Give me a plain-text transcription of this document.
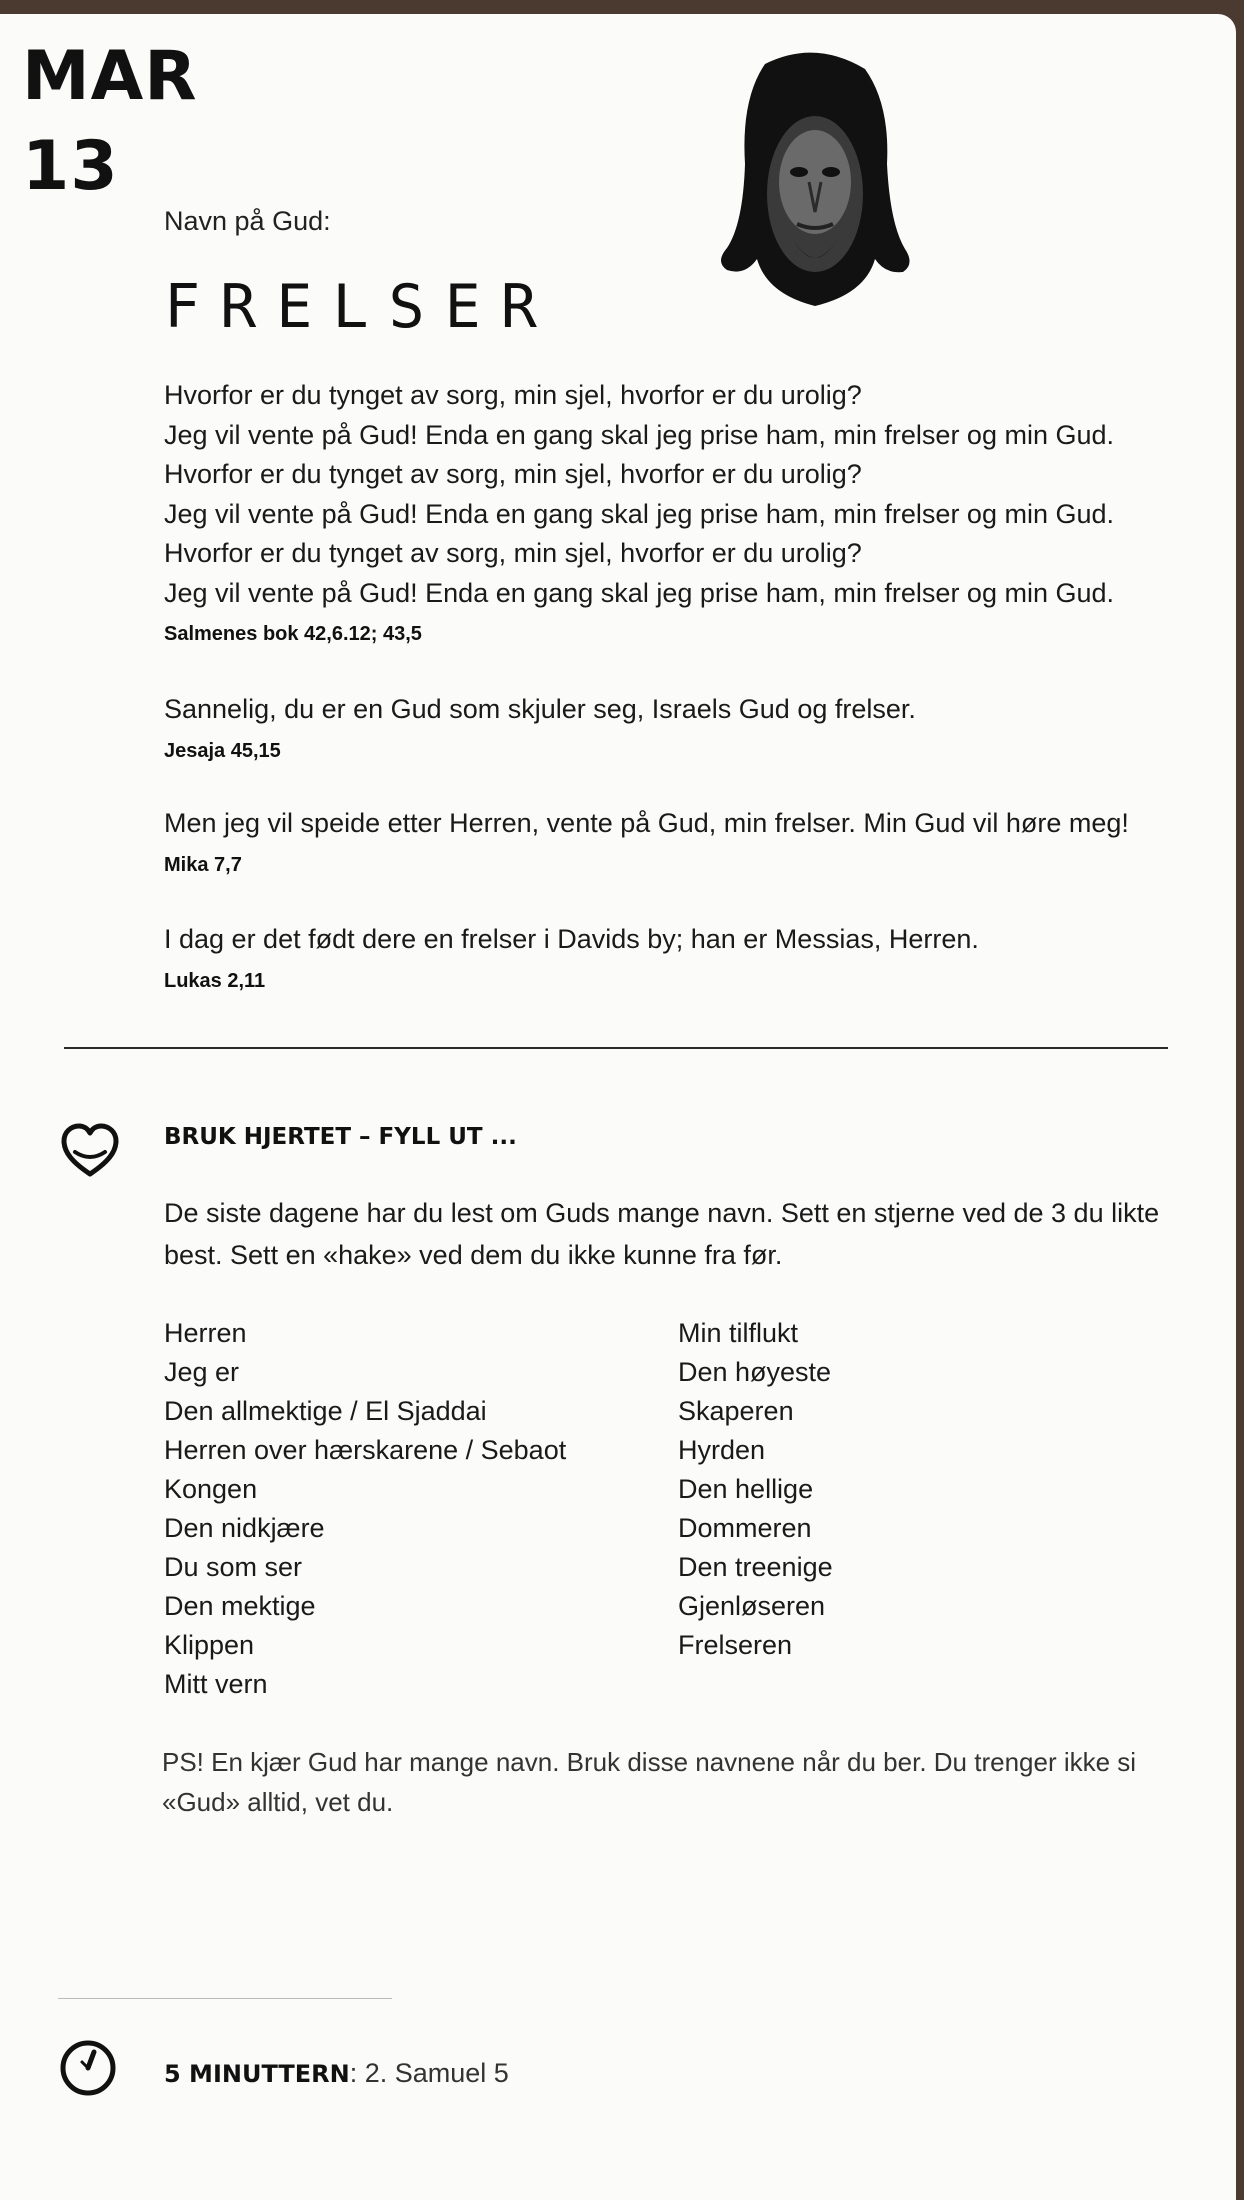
MAR
13
Navn på Gud:
FRELSER
Hvorfor er du tynget av sorg, min sjel, hvorfor er du urolig?
Jeg vil vente på Gud! Enda en gang skal jeg prise ham, min frelser og min Gud.
Hvorfor er du tynget av sorg, min sjel, hvorfor er du urolig?
Jeg vil vente på Gud! Enda en gang skal jeg prise ham, min frelser og min Gud.
Hvorfor er du tynget av sorg, min sjel, hvorfor er du urolig?
Jeg vil vente på Gud! Enda en gang skal jeg prise ham, min frelser og min Gud.
Salmenes bok 42,6.12; 43,5
Sannelig, du er en Gud som skjuler seg, Israels Gud og frelser.
Jesaja 45,15
Men jeg vil speide etter Herren, vente på Gud, min frelser. Min Gud vil høre meg!
Mika 7,7
I dag er det født dere en frelser i Davids by; han er Messias, Herren.
Lukas 2,11
BRUK HJERTET – FYLL UT ...
De siste dagene har du lest om Guds mange navn. Sett en stjerne ved de 3 du likte best. Sett en «hake» ved dem du ikke kunne fra før.
Herren
Jeg er
Den allmektige / El Sjaddai
Herren over hærskarene / Sebaot
Kongen
Den nidkjære
Du som ser
Den mektige
Klippen
Mitt vern
Min tilflukt
Den høyeste
Skaperen
Hyrden
Den hellige
Dommeren
Den treenige
Gjenløseren
Frelseren
PS! En kjær Gud har mange navn. Bruk disse navnene når du ber. Du trenger ikke si «Gud» alltid, vet du.
5 MINUTTERN: 2. Samuel 5
